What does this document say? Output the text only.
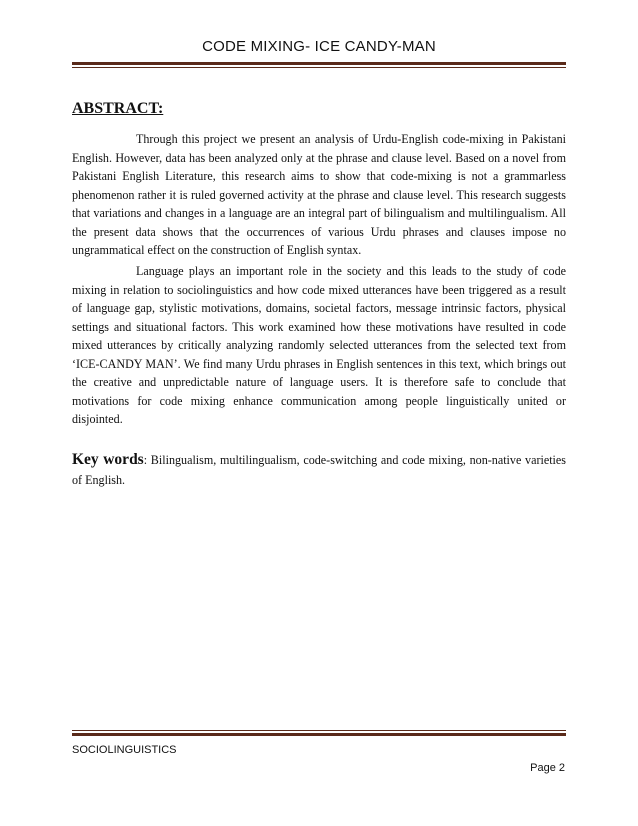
CODE MIXING- ICE CANDY-MAN
ABSTRACT:

Through this project we present an analysis of Urdu-English code-mixing in Pakistani English. However, data has been analyzed only at the phrase and clause level. Based on a novel from Pakistani English Literature, this research aims to show that code-mixing is not a grammarless phenomenon rather it is ruled governed activity at the phrase and clause level. This research suggests that variations and changes in a language are an integral part of bilingualism and multilingualism. All the present data shows that the occurrences of various Urdu phrases and clauses impose no ungrammatical effect on the construction of English syntax.

Language plays an important role in the society and this leads to the study of code mixing in relation to sociolinguistics and how code mixed utterances have been triggered as a result of language gap, stylistic motivations, domains, societal factors, message intrinsic factors, physical settings and situational factors. This work examined how these motivations have resulted in code mixed utterances by critically analyzing randomly selected utterances from the selected text from ‘ICE-CANDY MAN’. We find many Urdu phrases in English sentences in this text, which brings out the creative and unpredictable nature of language users. It is therefore safe to conclude that motivations for code mixing enhance communication among people linguistically united or disjointed.

Key words: Bilingualism, multilingualism, code-switching and code mixing, non-native varieties of English.

SOCIOLINGUISTICS
Page 2
